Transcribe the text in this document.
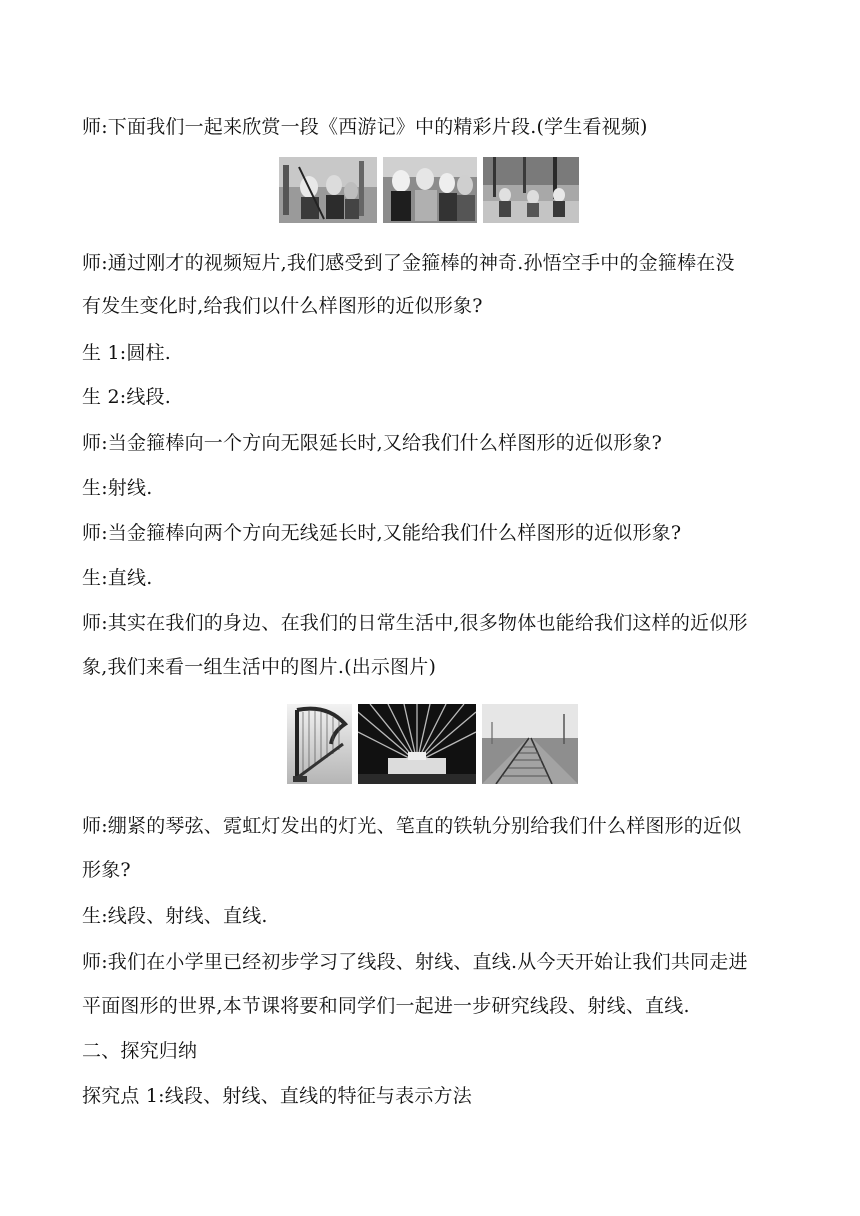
师:下面我们一起来欣赏一段《西游记》中的精彩片段.(学生看视频)
师:通过刚才的视频短片,我们感受到了金箍棒的神奇.孙悟空手中的金箍棒在没
有发生变化时,给我们以什么样图形的近似形象?
生 1:圆柱.
生 2:线段.
师:当金箍棒向一个方向无限延长时,又给我们什么样图形的近似形象?
生:射线.
师:当金箍棒向两个方向无线延长时,又能给我们什么样图形的近似形象?
生:直线.
师:其实在我们的身边、在我们的日常生活中,很多物体也能给我们这样的近似形
象,我们来看一组生活中的图片.(出示图片)
师:绷紧的琴弦、霓虹灯发出的灯光、笔直的铁轨分别给我们什么样图形的近似
形象?
生:线段、射线、直线.
师:我们在小学里已经初步学习了线段、射线、直线.从今天开始让我们共同走进
平面图形的世界,本节课将要和同学们一起进一步研究线段、射线、直线.
二、探究归纳
探究点 1:线段、射线、直线的特征与表示方法
